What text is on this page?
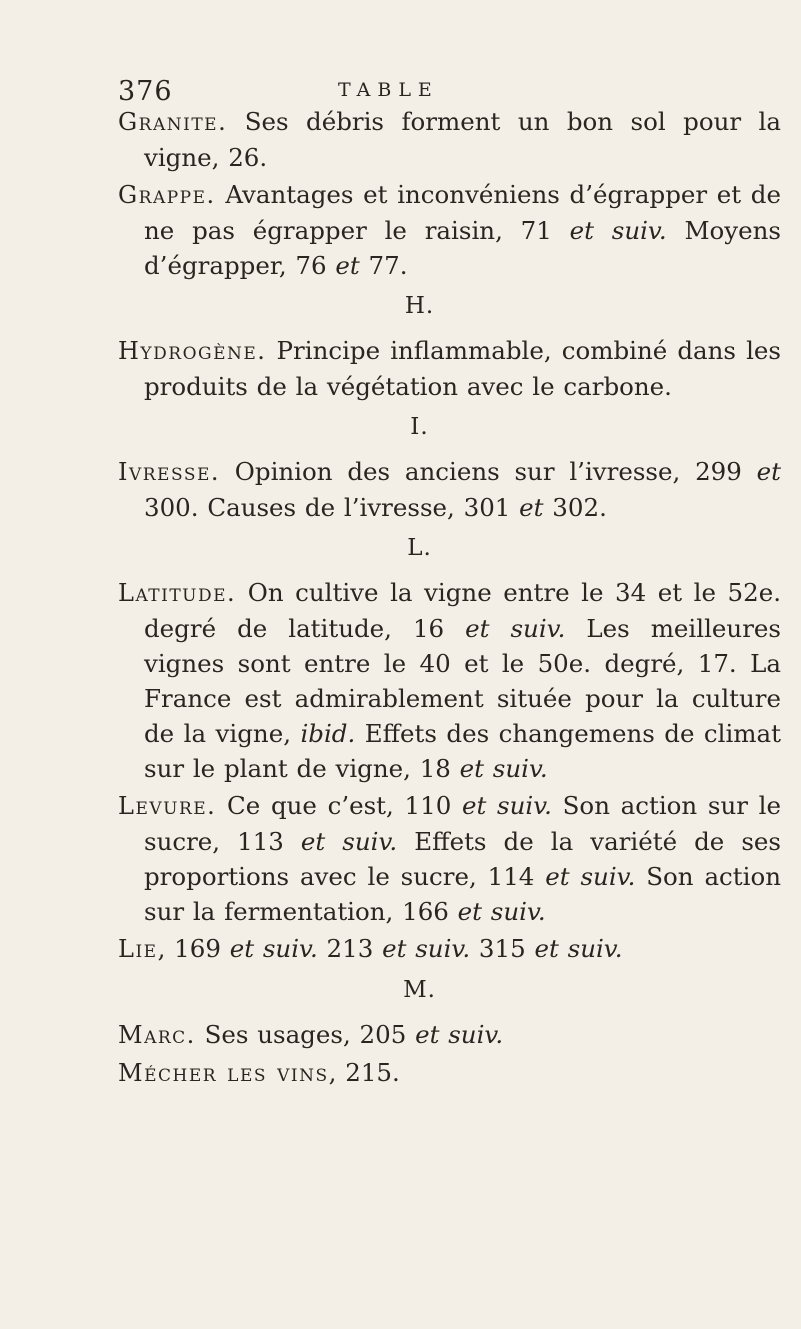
376	TABLE

Granite. Ses débris forment un bon sol pour la vigne, 26.

Grappe. Avantages et inconvéniens d’égrapper et de ne pas égrapper le raisin, 71 et suiv. Moyens d’égrapper, 76 et 77.

H.

Hydrogène. Principe inflammable, combiné dans les produits de la végétation avec le carbone.

I.

Ivresse. Opinion des anciens sur l’ivresse, 299 et 300. Causes de l’ivresse, 301 et 302.

L.

Latitude. On cultive la vigne entre le 34 et le 52e. degré de latitude, 16 et suiv. Les meilleures vignes sont entre le 40 et le 50e. degré, 17. La France est admirablement située pour la culture de la vigne, ibid. Effets des changemens de climat sur le plant de vigne, 18 et suiv.

Levure. Ce que c’est, 110 et suiv. Son action sur le sucre, 113 et suiv. Effets de la variété de ses proportions avec le sucre, 114 et suiv. Son action sur la fermentation, 166 et suiv.

Lie, 169 et suiv. 213 et suiv. 315 et suiv.

M.

Marc. Ses usages, 205 et suiv.

Mécher les vins, 215.
